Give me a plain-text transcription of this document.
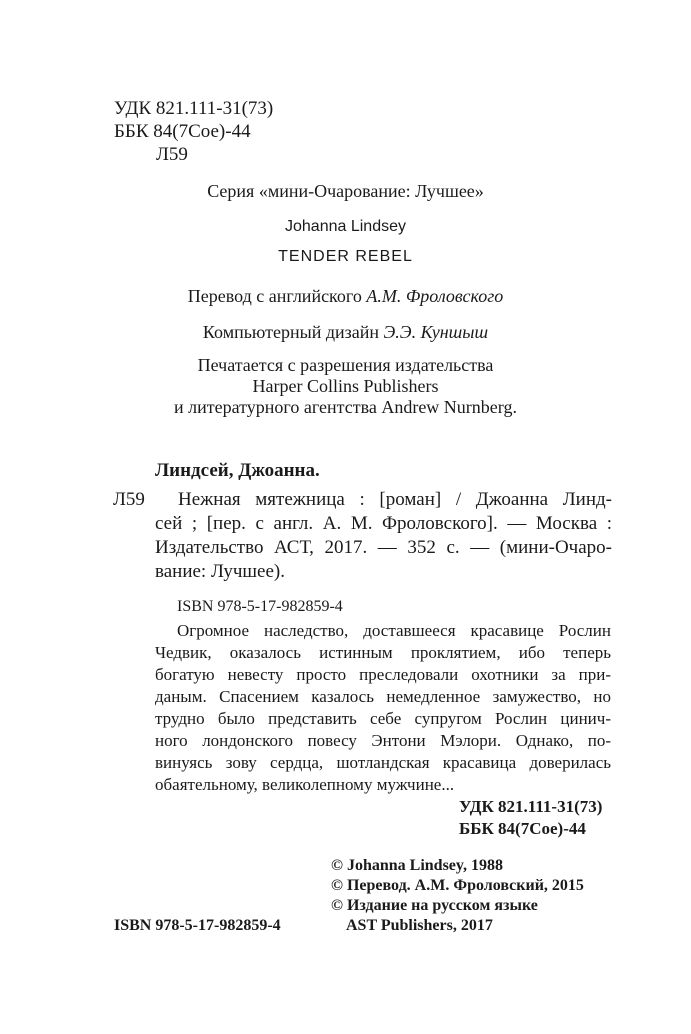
УДК 821.111-31(73)
ББК 84(7Сое)-44
Л59
Серия «мини-Очарование: Лучшее»
Johanna Lindsey
TENDER REBEL
Перевод с английского А.М. Фроловского
Компьютерный дизайн Э.Э. Куншыш
Печатается с разрешения издательства
Harper Collins Publishers
и литературного агентства Andrew Nurnberg.
Линдсей, Джоанна.
Л59 Нежная мятежница : [роман] / Джоанна Линд-
сей ; [пер. с англ. А. М. Фроловского]. — Москва :
Издательство АСТ, 2017. — 352 с. — (мини-Очаро-
вание: Лучшее).
ISBN 978-5-17-982859-4
Огромное наследство, доставшееся красавице Рослин
Чедвик, оказалось истинным проклятием, ибо теперь
богатую невесту просто преследовали охотники за при-
даным. Спасением казалось немедленное замужество, но
трудно было представить себе супругом Рослин цинич-
ного лондонского повесу Энтони Мэлори. Однако, по-
винуясь зову сердца, шотландская красавица доверилась
обаятельному, великолепному мужчине...
УДК 821.111-31(73)
ББК 84(7Сое)-44
© Johanna Lindsey, 1988
© Перевод. А.М. Фроловский, 2015
© Издание на русском языке
AST Publishers, 2017
ISBN 978-5-17-982859-4
